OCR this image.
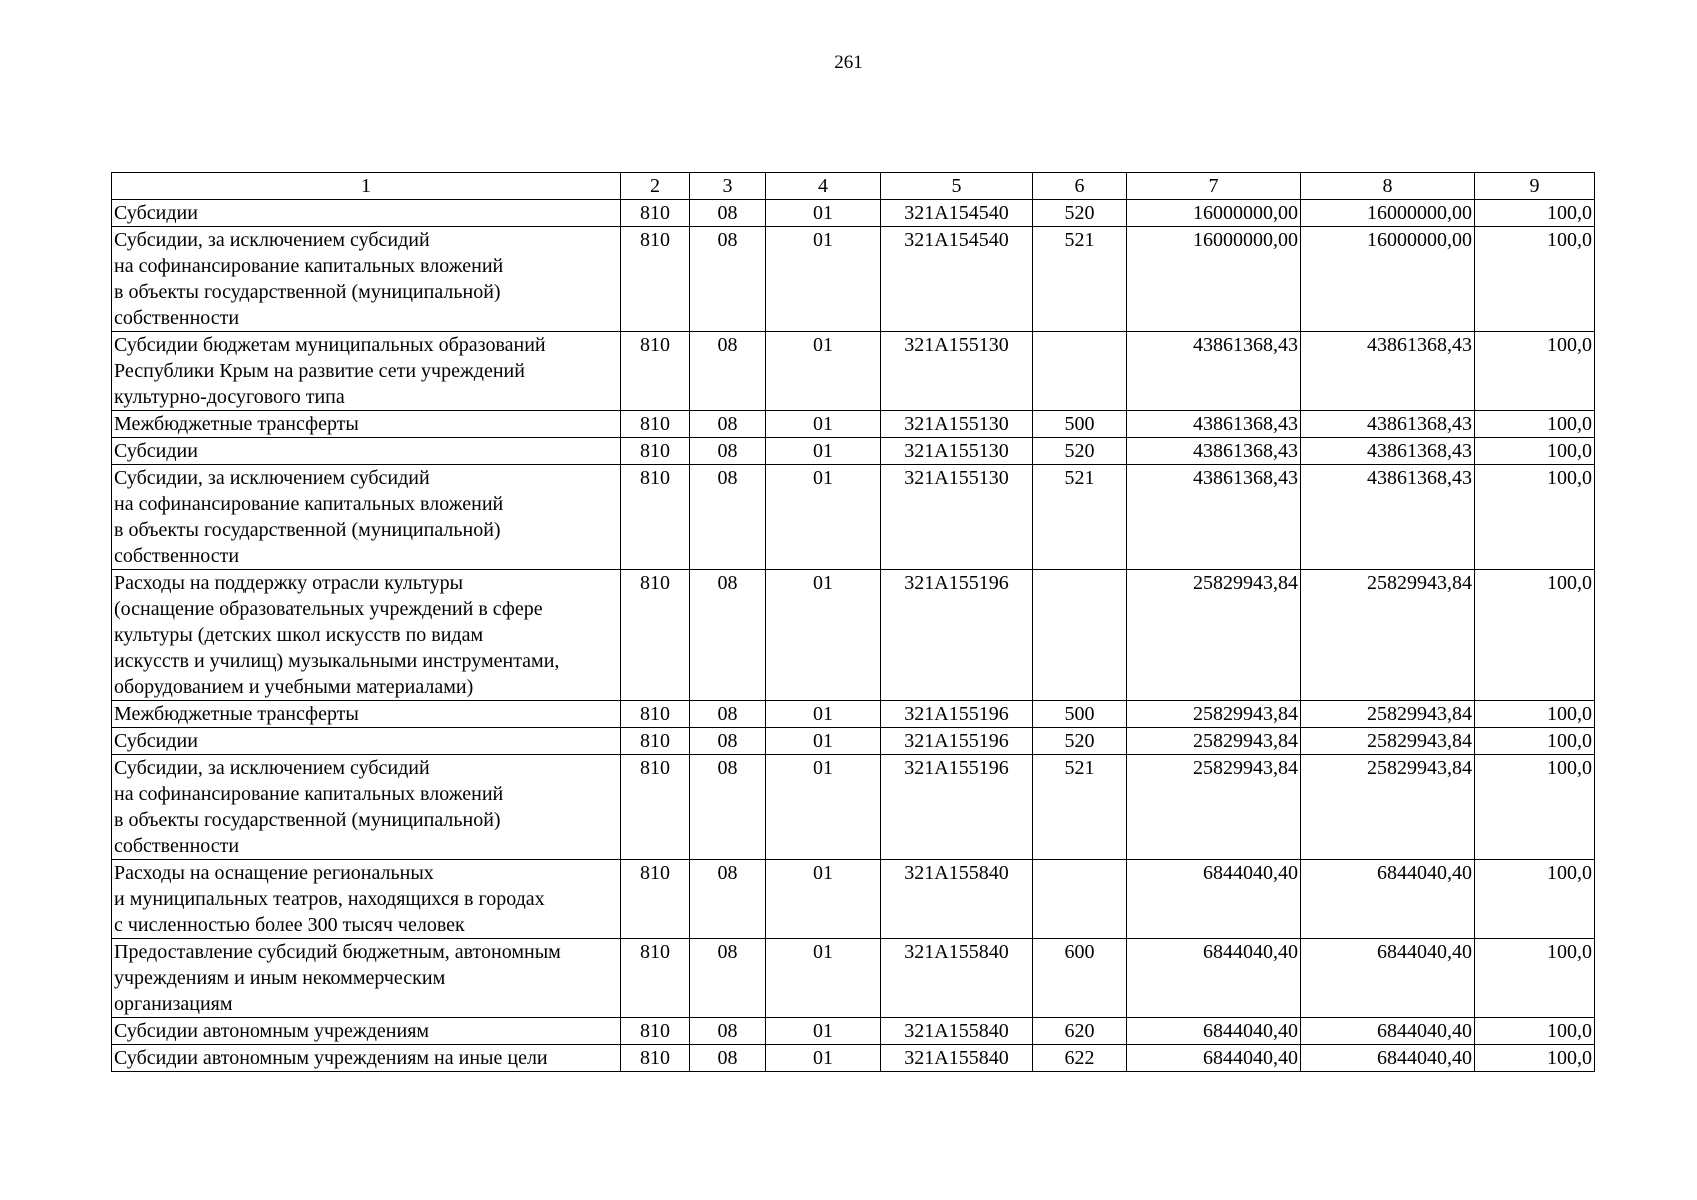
261
1	2	3	4	5	6	7	8	9
Субсидии	810	08	01	321А154540	520	16000000,00	16000000,00	100,0
Субсидии, за исключением субсидий
на софинансирование капитальных вложений
в объекты государственной (муниципальной)
собственности	810	08	01	321А154540	521	16000000,00	16000000,00	100,0
Субсидии бюджетам муниципальных образований
Республики Крым на развитие сети учреждений
культурно-досугового типа	810	08	01	321А155130		43861368,43	43861368,43	100,0
Межбюджетные трансферты	810	08	01	321А155130	500	43861368,43	43861368,43	100,0
Субсидии	810	08	01	321А155130	520	43861368,43	43861368,43	100,0
Субсидии, за исключением субсидий
на софинансирование капитальных вложений
в объекты государственной (муниципальной)
собственности	810	08	01	321А155130	521	43861368,43	43861368,43	100,0
Расходы на поддержку отрасли культуры
(оснащение образовательных учреждений в сфере
культуры (детских школ искусств по видам
искусств и училищ) музыкальными инструментами,
оборудованием и учебными материалами)	810	08	01	321А155196		25829943,84	25829943,84	100,0
Межбюджетные трансферты	810	08	01	321А155196	500	25829943,84	25829943,84	100,0
Субсидии	810	08	01	321А155196	520	25829943,84	25829943,84	100,0
Субсидии, за исключением субсидий
на софинансирование капитальных вложений
в объекты государственной (муниципальной)
собственности	810	08	01	321А155196	521	25829943,84	25829943,84	100,0
Расходы на оснащение региональных
и муниципальных театров, находящихся в городах
с численностью более 300 тысяч человек	810	08	01	321А155840		6844040,40	6844040,40	100,0
Предоставление субсидий бюджетным, автономным
учреждениям и иным некоммерческим
организациям	810	08	01	321А155840	600	6844040,40	6844040,40	100,0
Субсидии автономным учреждениям	810	08	01	321А155840	620	6844040,40	6844040,40	100,0
Субсидии автономным учреждениям на иные цели	810	08	01	321А155840	622	6844040,40	6844040,40	100,0
